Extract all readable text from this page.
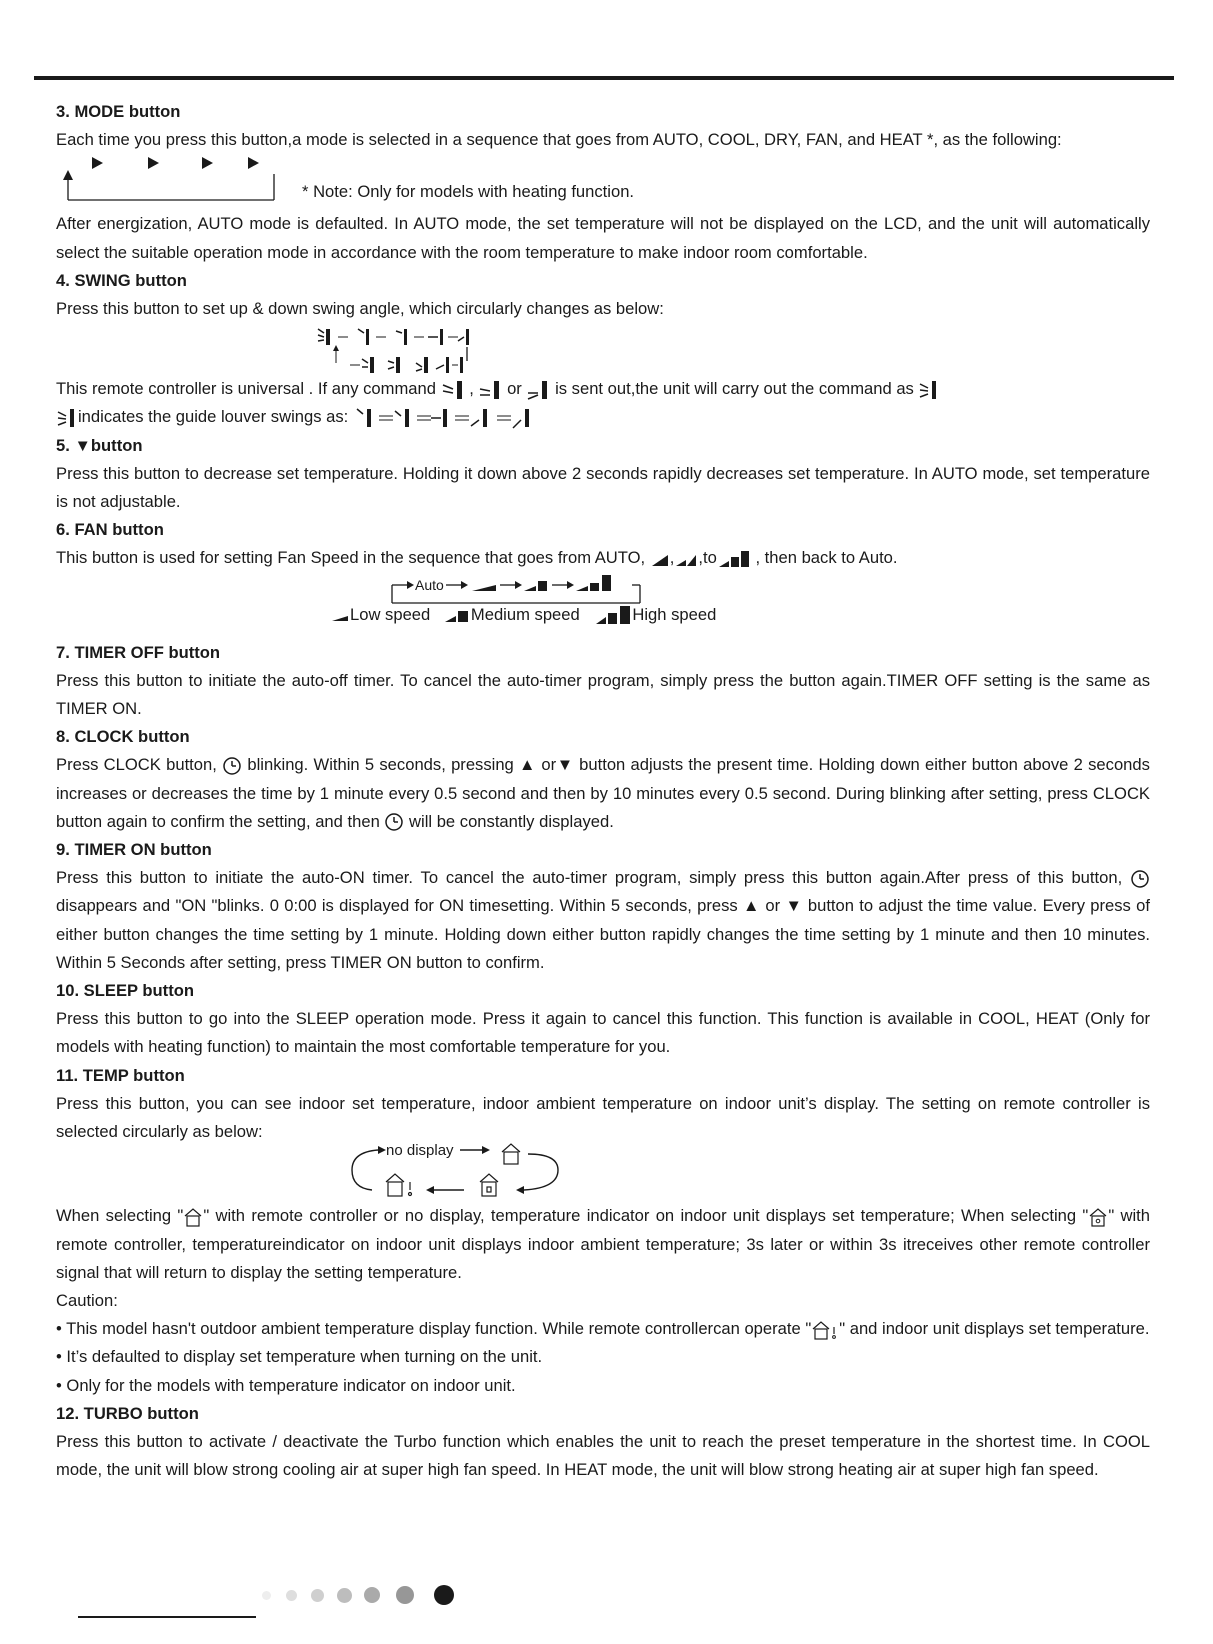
3. MODE button

Each time you press this button,a mode is selected in a sequence that goes from AUTO, COOL, DRY, FAN, and HEAT *, as the following:

* Note: Only for models with heating function.

After energization, AUTO mode is defaulted. In AUTO mode, the set temperature will not be displayed on the LCD, and the unit will automatically select the suitable operation mode in accordance with the room temperature to make indoor room comfortable.

4. SWING button

Press this button to set up & down swing angle, which circularly changes as below:

This remote controller is universal . If any command  ,  or is sent out,the unit will carry out the command as

indicates the guide louver swings as:

5. ▼button

Press this button to decrease set temperature. Holding it down above 2 seconds rapidly decreases set temperature. In AUTO mode, set temperature is not adjustable.

6. FAN button

This button is used for setting Fan Speed in the sequence that goes from AUTO, , ,to , then back to Auto.

Auto
Low speed Medium speed	High speed

7. TIMER OFF button

Press this button to initiate the auto-off timer. To cancel the auto-timer program, simply press the button again.TIMER OFF setting is the same as TIMER ON.

8. CLOCK button

Press CLOCK button, blinking. Within 5 seconds, pressing ▲ or▼ button adjusts the present time. Holding down either button above 2 seconds increases or decreases the time by 1 minute every 0.5 second and then by 10 minutes every 0.5 second. During blinking after setting, press CLOCK button again to confirm the setting, and then will be constantly displayed.

9. TIMER ON button

Press this button to initiate the auto-ON timer. To cancel the auto-timer program, simply press this button again.After press of this button,  disappears and "ON "blinks. 0 0:00 is displayed for ON timesetting. Within 5 seconds, press ▲ or ▼ button to adjust the time value. Every press of either button changes the time setting by 1 minute. Holding down either button rapidly changes the time setting by 1 minute and then 10 minutes. Within 5 Seconds after setting, press TIMER ON button to confirm.

10. SLEEP button

Press this button to go into the SLEEP operation mode. Press it again to cancel this function. This function is available in COOL, HEAT (Only for models with heating function) to maintain the most comfortable temperature for you.

11. TEMP button

Press this button, you can see indoor set temperature, indoor ambient temperature on indoor unit’s display. The setting on remote controller is selected circularly as below:

no display

When selecting " " with remote controller or no display, temperature indicator on indoor unit displays set temperature; When selecting " " with remote controller, temperatureindicator on indoor unit displays indoor ambient temperature; 3s later or within 3s itreceives other remote controller signal that will return to display the setting temperature.

Caution:

• This model hasn't outdoor ambient temperature display function. While remote controllercan operate " " and indoor unit displays set temperature.

• It’s defaulted to display set temperature when turning on the unit.

• Only for the models with temperature indicator on indoor unit.

12. TURBO button

Press this button to activate / deactivate the Turbo function which enables the unit to reach the preset temperature in the shortest time. In COOL mode, the unit will blow strong cooling air at super high fan speed. In HEAT mode, the unit will blow strong heating air at super high fan speed.
